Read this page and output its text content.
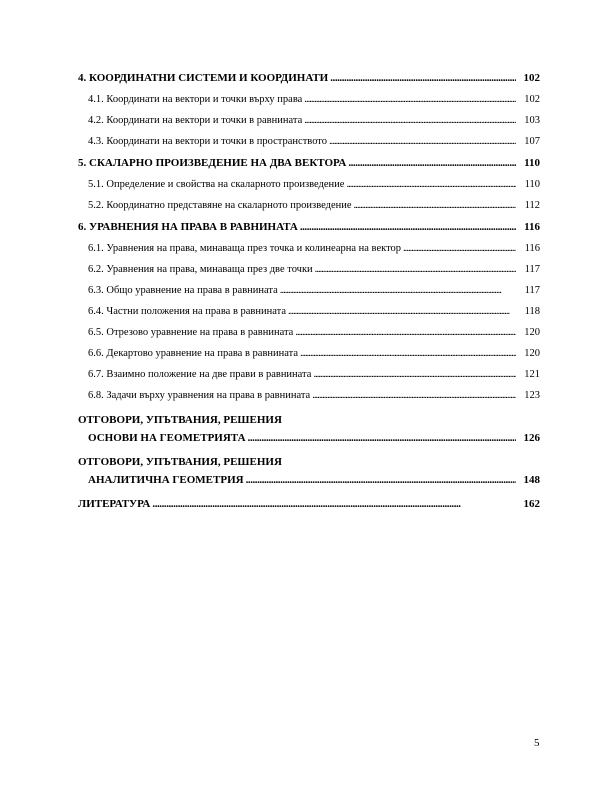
4. КООРДИНАТНИ СИСТЕМИ И КООРДИНАТИ . . .	102
4.1. Координати на вектори и точки върху права . . .	102
4.2. Координати на вектори и точки в равнината . . .	103
4.3. Координати на вектори и точки в пространството . . .	107
5. СКАЛАРНО ПРОИЗВЕДЕНИЕ НА ДВА ВЕКТОРА . . .	110
5.1. Определение и свойства на скаларното произведение . . .	110
5.2. Координатно представяне на скаларното произведение . . .	112
6. УРАВНЕНИЯ НА ПРАВА В РАВНИНАТА . . .	116
6.1. Уравнения на права, минаваща през точка и колинеарна на вектор . . .	116
6.2. Уравнения на права, минаваща през две точки . . .	117
6.3. Общо уравнение на права в равнината . . .	117
6.4. Частни положения на права в равнината . . .	118
6.5. Отрезово уравнение на права в равнината . . .	120
6.6. Декартово уравнение на права в равнината . . .	120
6.7. Взаимно положение на две прави в равнината . . .	121
6.8. Задачи върху уравнения на права в равнината . . .	123
ОТГОВОРИ, УПЪТВАНИЯ, РЕШЕНИЯ
ОСНОВИ НА ГЕОМЕТРИЯТА . . .	126
ОТГОВОРИ, УПЪТВАНИЯ, РЕШЕНИЯ
АНАЛИТИЧНА ГЕОМЕТРИЯ . . .	148
ЛИТЕРАТУРА . . .	162
5
